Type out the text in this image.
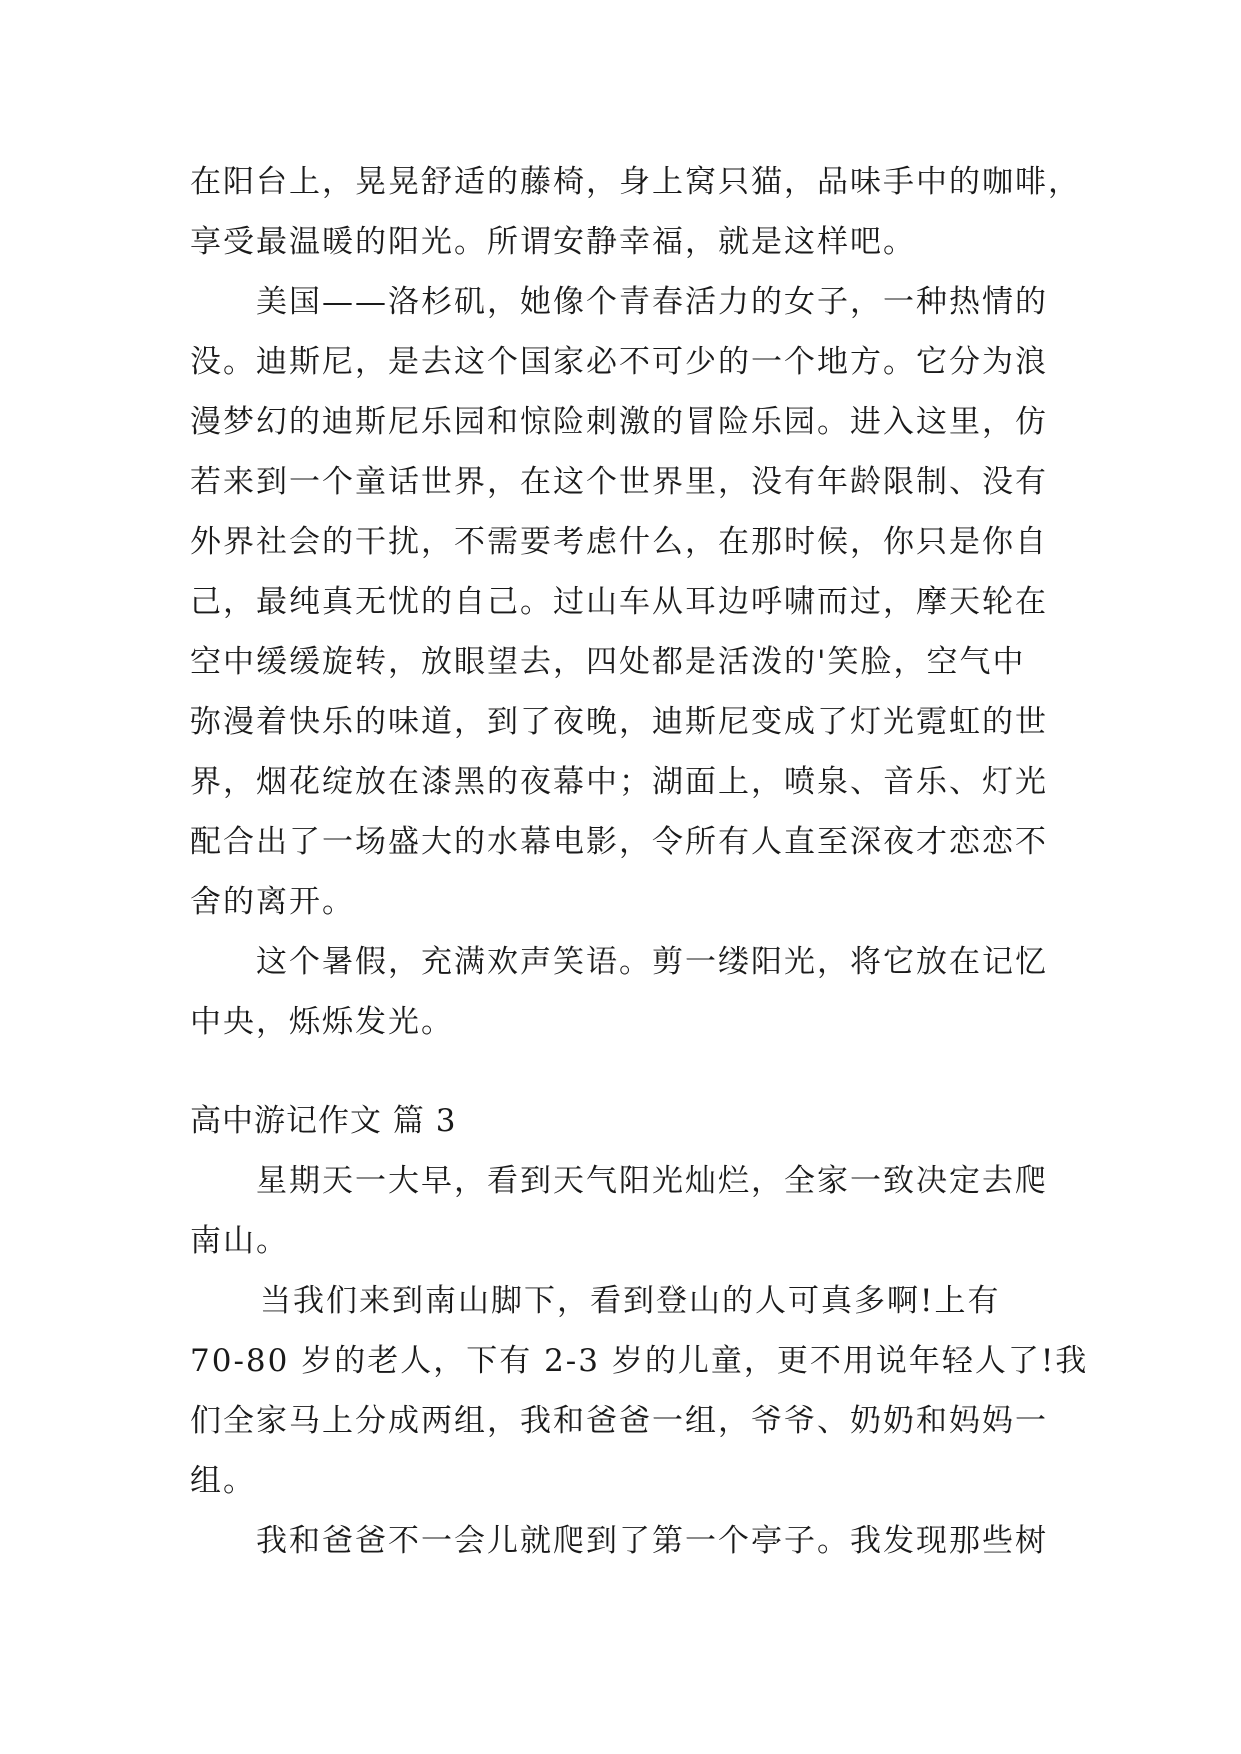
在阳台上，晃晃舒适的藤椅，身上窝只猫，品味手中的咖啡，
享受最温暖的阳光。所谓安静幸福，就是这样吧。
美国——洛杉矶，她像个青春活力的女子，一种热情的
没。迪斯尼，是去这个国家必不可少的一个地方。它分为浪
漫梦幻的迪斯尼乐园和惊险刺激的冒险乐园。进入这里，仿
若来到一个童话世界，在这个世界里，没有年龄限制、没有
外界社会的干扰，不需要考虑什么，在那时候，你只是你自
己，最纯真无忧的自己。过山车从耳边呼啸而过，摩天轮在
空中缓缓旋转，放眼望去，四处都是活泼的'笑脸，空气中
弥漫着快乐的味道，到了夜晚，迪斯尼变成了灯光霓虹的世
界，烟花绽放在漆黑的夜幕中；湖面上，喷泉、音乐、灯光
配合出了一场盛大的水幕电影，令所有人直至深夜才恋恋不
舍的离开。
这个暑假，充满欢声笑语。剪一缕阳光，将它放在记忆
中央，烁烁发光。
高中游记作文 篇 3
星期天一大早，看到天气阳光灿烂，全家一致决定去爬
南山。
当我们来到南山脚下，看到登山的人可真多啊!上有
70-80 岁的老人，下有 2-3 岁的儿童，更不用说年轻人了!我
们全家马上分成两组，我和爸爸一组，爷爷、奶奶和妈妈一
组。
我和爸爸不一会儿就爬到了第一个亭子。我发现那些树
